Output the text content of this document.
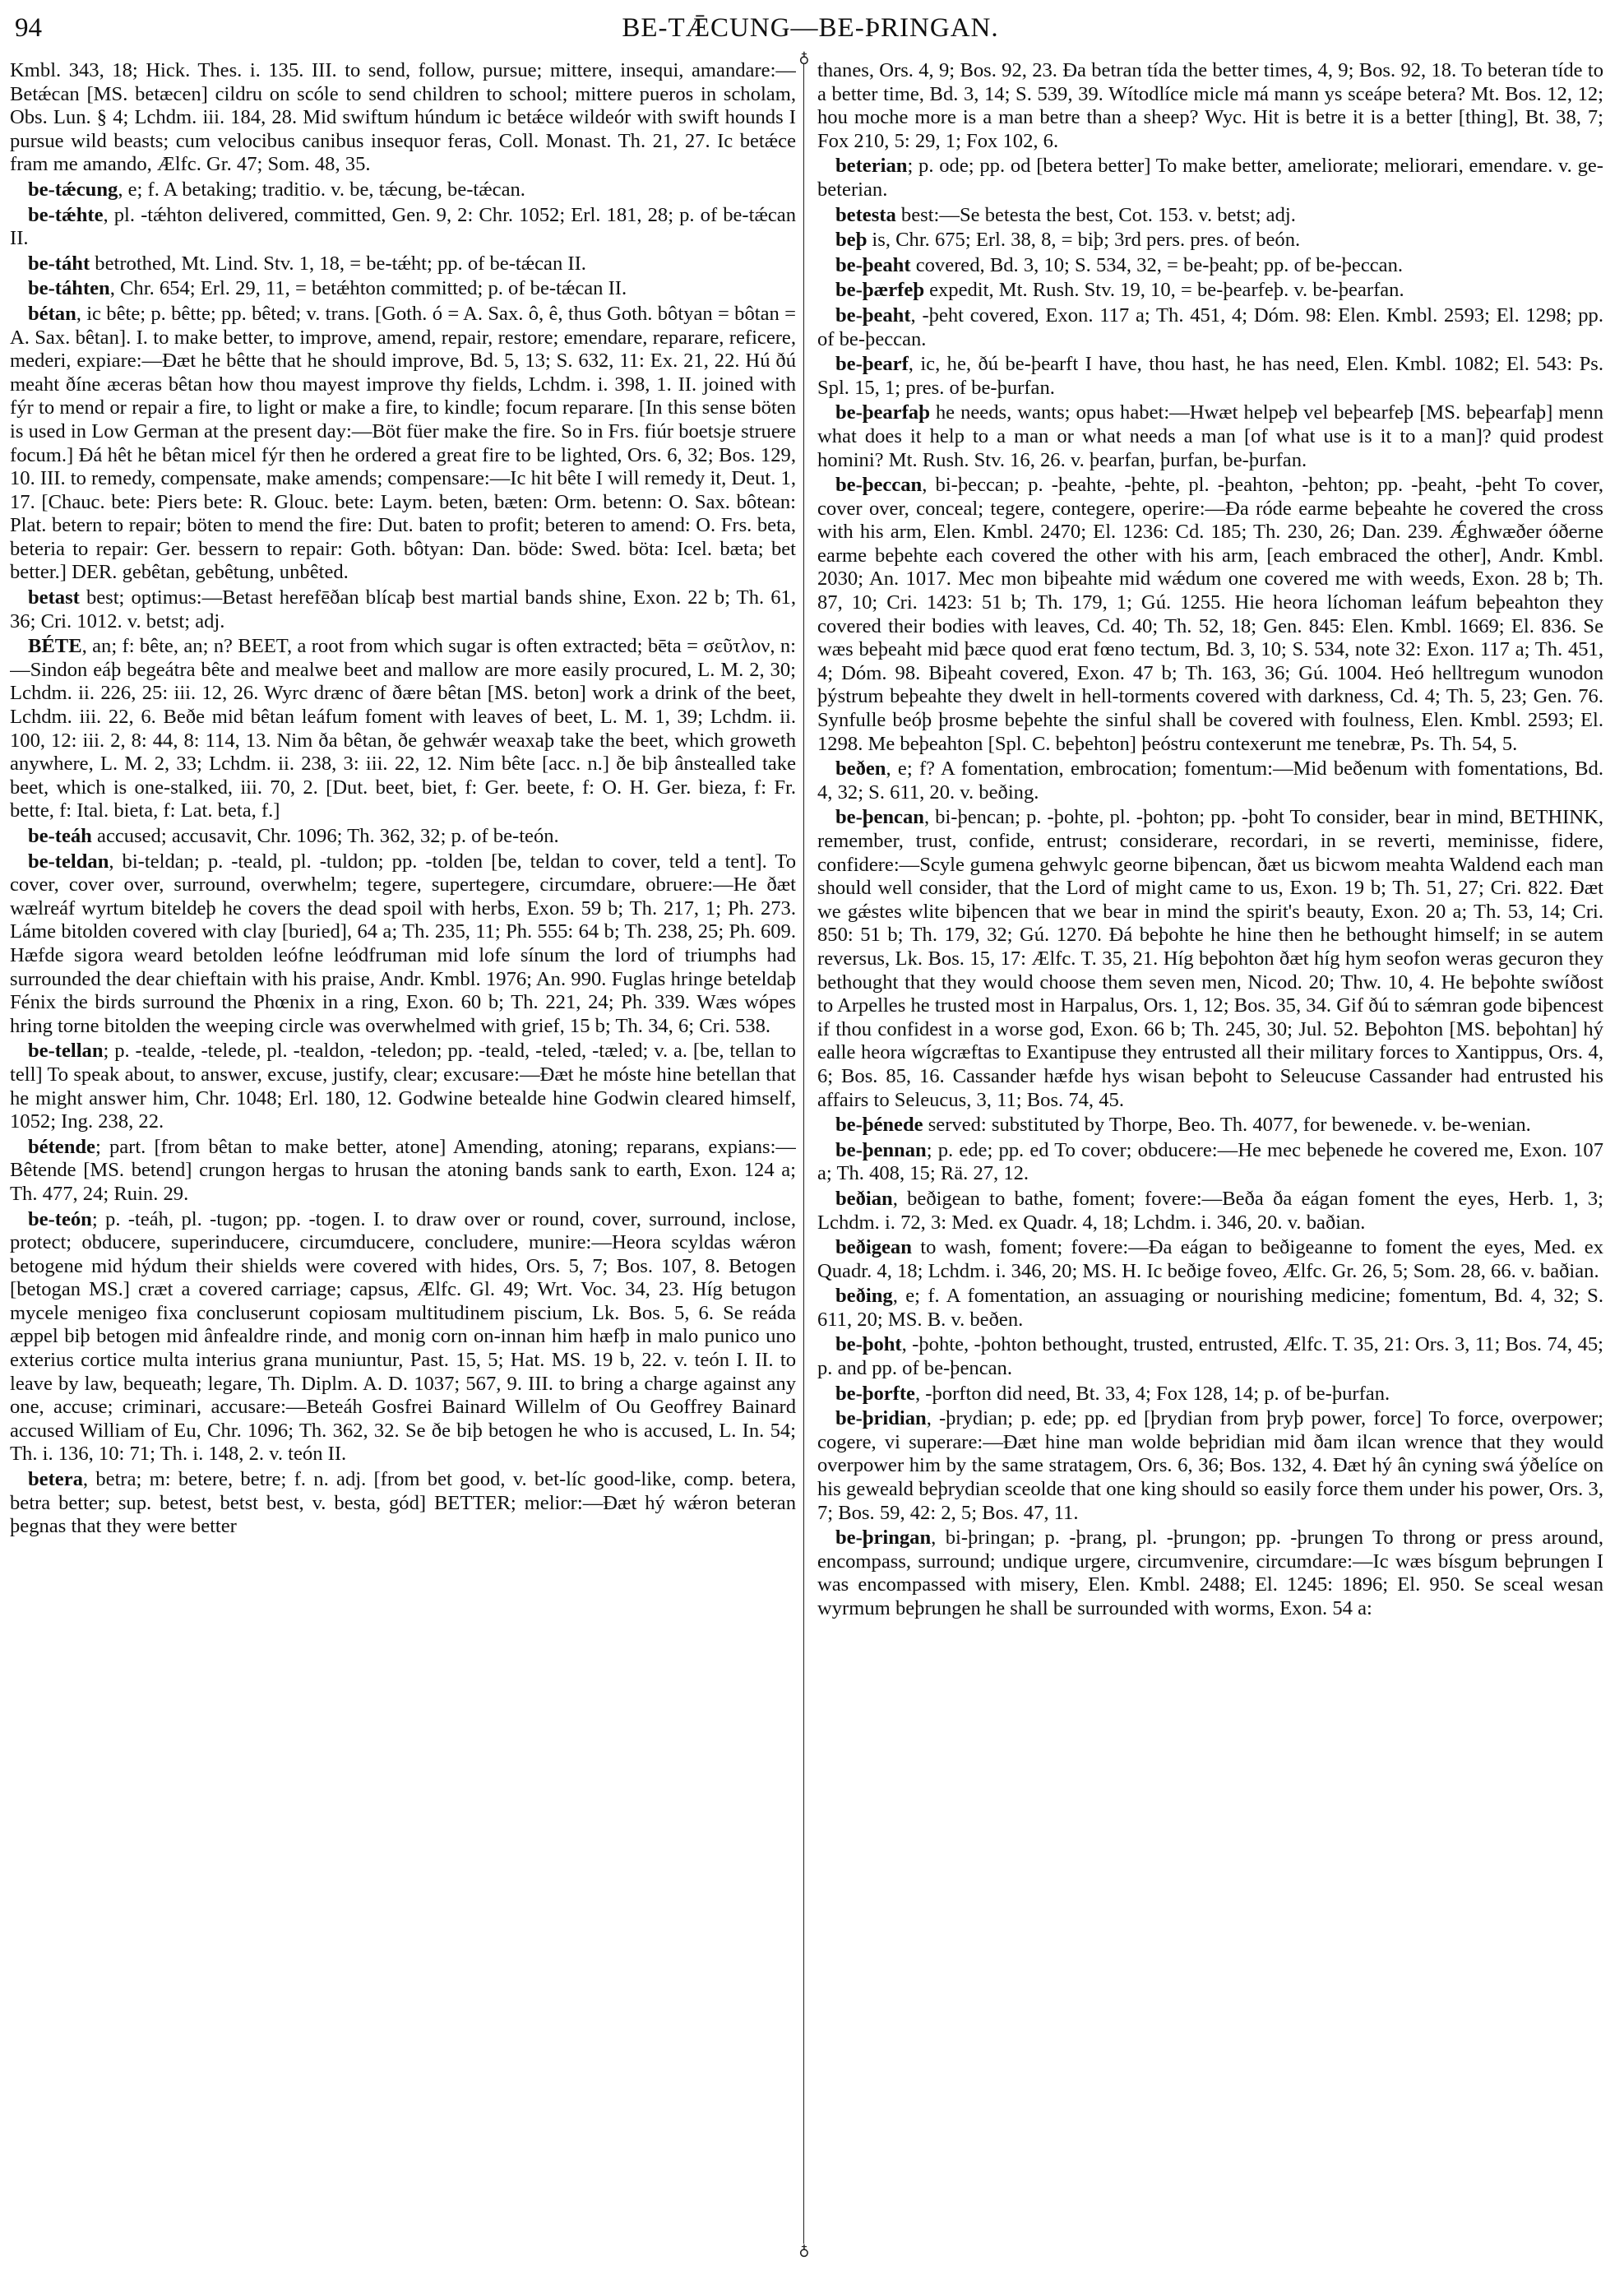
94	BE-TǢCUNG—BE-ÞRINGAN.

Kmbl. 343, 18; Hick. Thes. i. 135. III. to send, follow, pursue; mittere, insequi, amandare:—Betǽcan [MS. betæcen] cildru on scóle to send children to school; mittere pueros in scholam, Obs. Lun. § 4; Lchdm. iii. 184, 28. Mid swiftum húndum ic betǽce wildeór with swift hounds I pursue wild beasts; cum velocibus canibus insequor feras, Coll. Monast. Th. 21, 27. Ic betǽce fram me amando, Ælfc. Gr. 47; Som. 48, 35.

be-tǽcung, e; f. A betaking; traditio. v. be, tǽcung, be-tǽcan.

be-tǽhte, pl. -tǽhton delivered, committed, Gen. 9, 2: Chr. 1052; Erl. 181, 28; p. of be-tǽcan II.

be-táht betrothed, Mt. Lind. Stv. 1, 18, = be-tǽht; pp. of be-tǽcan II.

be-táhten, Chr. 654; Erl. 29, 11, = betǽhton committed; p. of be-tǽcan II.

bétan, ic bête; p. bêtte; pp. bêted; v. trans. [Goth. ó = A. Sax. ô, ê, thus Goth. bôtyan = bôtan = A. Sax. bêtan]. I. to make better, to improve, amend, repair, restore; emendare, reparare, reficere, mederi, expiare:—Ðæt he bêtte that he should improve, Bd. 5, 13; S. 632, 11: Ex. 21, 22. Hú ðú meaht ðíne æceras bêtan how thou mayest improve thy fields, Lchdm. i. 398, 1. II. joined with fýr to mend or repair a fire, to light or make a fire, to kindle; focum reparare. [In this sense böten is used in Low German at the present day:—Böt füer make the fire. So in Frs. fiúr boetsje struere focum.] Ðá hêt he bêtan micel fýr then he ordered a great fire to be lighted, Ors. 6, 32; Bos. 129, 10. III. to remedy, compensate, make amends; compensare:—Ic hit bête I will remedy it, Deut. 1, 17. [Chauc. bete: Piers bete: R. Glouc. bete: Laym. beten, bæten: Orm. betenn: O. Sax. bôtean: Plat. betern to repair; böten to mend the fire: Dut. baten to profit; beteren to amend: O. Frs. beta, beteria to repair: Ger. bessern to repair: Goth. bôtyan: Dan. böde: Swed. böta: Icel. bæta; bet better.] DER. gebêtan, gebêtung, unbêted.

betast best; optimus:—Betast herefēðan blícaþ best martial bands shine, Exon. 22 b; Th. 61, 36; Cri. 1012. v. betst; adj.

BÉTE, an; f: bête, an; n? BEET, a root from which sugar is often extracted; bēta = σεῦτλον, n:—Sindon eáþ begeátra bête and mealwe beet and mallow are more easily procured, L. M. 2, 30; Lchdm. ii. 226, 25: iii. 12, 26. Wyrc drænc of ðære bêtan [MS. beton] work a drink of the beet, Lchdm. iii. 22, 6. Beðe mid bêtan leáfum foment with leaves of beet, L. M. 1, 39; Lchdm. ii. 100, 12: iii. 2, 8: 44, 8: 114, 13. Nim ða bêtan, ðe gehwǽr weaxaþ take the beet, which groweth anywhere, L. M. 2, 33; Lchdm. ii. 238, 3: iii. 22, 12. Nim bête [acc. n.] ðe biþ ânstealled take beet, which is one-stalked, iii. 70, 2. [Dut. beet, biet, f: Ger. beete, f: O. H. Ger. bieza, f: Fr. bette, f: Ital. bieta, f: Lat. beta, f.]

be-teáh accused; accusavit, Chr. 1096; Th. 362, 32; p. of be-teón.

be-teldan, bi-teldan; p. -teald, pl. -tuldon; pp. -tolden [be, teldan to cover, teld a tent]. To cover, cover over, surround, overwhelm; tegere, supertegere, circumdare, obruere:—He ðæt wælreáf wyrtum biteldeþ he covers the dead spoil with herbs, Exon. 59 b; Th. 217, 1; Ph. 273. Láme bitolden covered with clay [buried], 64 a; Th. 235, 11; Ph. 555: 64 b; Th. 238, 25; Ph. 609. Hæfde sigora weard betolden leófne leódfruman mid lofe sínum the lord of triumphs had surrounded the dear chieftain with his praise, Andr. Kmbl. 1976; An. 990. Fuglas hringe beteldaþ Fénix the birds surround the Phœnix in a ring, Exon. 60 b; Th. 221, 24; Ph. 339. Wæs wópes hring torne bitolden the weeping circle was overwhelmed with grief, 15 b; Th. 34, 6; Cri. 538.

be-tellan; p. -tealde, -telede, pl. -tealdon, -teledon; pp. -teald, -teled, -tæled; v. a. [be, tellan to tell] To speak about, to answer, excuse, justify, clear; excusare:—Ðæt he móste hine betellan that he might answer him, Chr. 1048; Erl. 180, 12. Godwine betealde hine Godwin cleared himself, 1052; Ing. 238, 22.

bétende; part. [from bêtan to make better, atone] Amending, atoning; reparans, expians:—Bêtende [MS. betend] crungon hergas to hrusan the atoning bands sank to earth, Exon. 124 a; Th. 477, 24; Ruin. 29.

be-teón; p. -teáh, pl. -tugon; pp. -togen. I. to draw over or round, cover, surround, inclose, protect; obducere, superinducere, circumducere, concludere, munire:—Heora scyldas wǽron betogene mid hýdum their shields were covered with hides, Ors. 5, 7; Bos. 107, 8. Betogen [betogan MS.] cræt a covered carriage; capsus, Ælfc. Gl. 49; Wrt. Voc. 34, 23. Híg betugon mycele menigeo fixa concluserunt copiosam multitudinem piscium, Lk. Bos. 5, 6. Se reáda æppel biþ betogen mid ânfealdre rinde, and monig corn on-innan him hæfþ in malo punico uno exterius cortice multa interius grana muniuntur, Past. 15, 5; Hat. MS. 19 b, 22. v. teón I. II. to leave by law, bequeath; legare, Th. Diplm. A. D. 1037; 567, 9. III. to bring a charge against any one, accuse; criminari, accusare:—Beteáh Gosfrei Bainard Willelm of Ou Geoffrey Bainard accused William of Eu, Chr. 1096; Th. 362, 32. Se ðe biþ betogen he who is accused, L. In. 54; Th. i. 136, 10: 71; Th. i. 148, 2. v. teón II.

betera, betra; m: betere, betre; f. n. adj. [from bet good, v. bet-líc good-like, comp. betera, betra better; sup. betest, betst best, v. besta, gód] BETTER; melior:—Ðæt hý wǽron beteran þegnas that they were better

♁
♁

thanes, Ors. 4, 9; Bos. 92, 23. Ða betran tída the better times, 4, 9; Bos. 92, 18. To beteran tíde to a better time, Bd. 3, 14; S. 539, 39. Wítodlíce micle má mann ys sceápe betera? Mt. Bos. 12, 12; hou moche more is a man betre than a sheep? Wyc. Hit is betre it is a better [thing], Bt. 38, 7; Fox 210, 5: 29, 1; Fox 102, 6.

beterian; p. ode; pp. od [betera better] To make better, ameliorate; meliorari, emendare. v. ge-beterian.

betesta best:—Se betesta the best, Cot. 153. v. betst; adj.

beþ is, Chr. 675; Erl. 38, 8, = biþ; 3rd pers. pres. of beón.

be-þeaht covered, Bd. 3, 10; S. 534, 32, = be-þeaht; pp. of be-þeccan.

be-þærfeþ expedit, Mt. Rush. Stv. 19, 10, = be-þearfeþ. v. be-þearfan.

be-þeaht, -þeht covered, Exon. 117 a; Th. 451, 4; Dóm. 98: Elen. Kmbl. 2593; El. 1298; pp. of be-þeccan.

be-þearf, ic, he, ðú be-þearft I have, thou hast, he has need, Elen. Kmbl. 1082; El. 543: Ps. Spl. 15, 1; pres. of be-þurfan.

be-þearfaþ he needs, wants; opus habet:—Hwæt helpeþ vel beþearfeþ [MS. beþearfaþ] menn what does it help to a man or what needs a man [of what use is it to a man]? quid prodest homini? Mt. Rush. Stv. 16, 26. v. þearfan, þurfan, be-þurfan.

be-þeccan, bi-þeccan; p. -þeahte, -þehte, pl. -þeahton, -þehton; pp. -þeaht, -þeht To cover, cover over, conceal; tegere, contegere, operire:—Ða róde earme beþeahte he covered the cross with his arm, Elen. Kmbl. 2470; El. 1236: Cd. 185; Th. 230, 26; Dan. 239. Ǽghwæðer óðerne earme beþehte each covered the other with his arm, [each embraced the other], Andr. Kmbl. 2030; An. 1017. Mec mon biþeahte mid wǽdum one covered me with weeds, Exon. 28 b; Th. 87, 10; Cri. 1423: 51 b; Th. 179, 1; Gú. 1255. Hie heora líchoman leáfum beþeahton they covered their bodies with leaves, Cd. 40; Th. 52, 18; Gen. 845: Elen. Kmbl. 1669; El. 836. Se wæs beþeaht mid þæce quod erat fœno tectum, Bd. 3, 10; S. 534, note 32: Exon. 117 a; Th. 451, 4; Dóm. 98. Biþeaht covered, Exon. 47 b; Th. 163, 36; Gú. 1004. Heó helltregum wunodon þýstrum beþeahte they dwelt in hell-torments covered with darkness, Cd. 4; Th. 5, 23; Gen. 76. Synfulle beóþ þrosme beþehte the sinful shall be covered with foulness, Elen. Kmbl. 2593; El. 1298. Me beþeahton [Spl. C. beþehton] þeóstru contexerunt me tenebræ, Ps. Th. 54, 5.

beðen, e; f? A fomentation, embrocation; fomentum:—Mid beðenum with fomentations, Bd. 4, 32; S. 611, 20. v. beðing.

be-þencan, bi-þencan; p. -þohte, pl. -þohton; pp. -þoht To consider, bear in mind, BETHINK, remember, trust, confide, entrust; considerare, recordari, in se reverti, meminisse, fidere, confidere:—Scyle gumena gehwylc georne biþencan, ðæt us bicwom meahta Waldend each man should well consider, that the Lord of might came to us, Exon. 19 b; Th. 51, 27; Cri. 822. Ðæt we gǽstes wlite biþencen that we bear in mind the spirit's beauty, Exon. 20 a; Th. 53, 14; Cri. 850: 51 b; Th. 179, 32; Gú. 1270. Ðá beþohte he hine then he bethought himself; in se autem reversus, Lk. Bos. 15, 17: Ælfc. T. 35, 21. Híg beþohton ðæt híg hym seofon weras gecuron they bethought that they would choose them seven men, Nicod. 20; Thw. 10, 4. He beþohte swíðost to Arpelles he trusted most in Harpalus, Ors. 1, 12; Bos. 35, 34. Gif ðú to sǽmran gode biþencest if thou confidest in a worse god, Exon. 66 b; Th. 245, 30; Jul. 52. Beþohton [MS. beþohtan] hý ealle heora wígcræftas to Exantipuse they entrusted all their military forces to Xantippus, Ors. 4, 6; Bos. 85, 16. Cassander hæfde hys wisan beþoht to Seleucuse Cassander had entrusted his affairs to Seleucus, 3, 11; Bos. 74, 45.

be-þénede served: substituted by Thorpe, Beo. Th. 4077, for bewenede. v. be-wenian.

be-þennan; p. ede; pp. ed To cover; obducere:—He mec beþenede he covered me, Exon. 107 a; Th. 408, 15; Rä. 27, 12.

beðian, beðigean to bathe, foment; fovere:—Beða ða eágan foment the eyes, Herb. 1, 3; Lchdm. i. 72, 3: Med. ex Quadr. 4, 18; Lchdm. i. 346, 20. v. baðian.

beðigean to wash, foment; fovere:—Ða eágan to beðigeanne to foment the eyes, Med. ex Quadr. 4, 18; Lchdm. i. 346, 20; MS. H. Ic beðige foveo, Ælfc. Gr. 26, 5; Som. 28, 66. v. baðian.

beðing, e; f. A fomentation, an assuaging or nourishing medicine; fomentum, Bd. 4, 32; S. 611, 20; MS. B. v. beðen.

be-þoht, -þohte, -þohton bethought, trusted, entrusted, Ælfc. T. 35, 21: Ors. 3, 11; Bos. 74, 45; p. and pp. of be-þencan.

be-þorfte, -þorfton did need, Bt. 33, 4; Fox 128, 14; p. of be-þurfan.

be-þridian, -þrydian; p. ede; pp. ed [þrydian from þryþ power, force] To force, overpower; cogere, vi superare:—Ðæt hine man wolde beþridian mid ðam ilcan wrence that they would overpower him by the same stratagem, Ors. 6, 36; Bos. 132, 4. Ðæt hý ân cyning swá ýðelíce on his geweald beþrydian sceolde that one king should so easily force them under his power, Ors. 3, 7; Bos. 59, 42: 2, 5; Bos. 47, 11.

be-þringan, bi-þringan; p. -þrang, pl. -þrungon; pp. -þrungen To throng or press around, encompass, surround; undique urgere, circumvenire, circumdare:—Ic wæs bísgum beþrungen I was encompassed with misery, Elen. Kmbl. 2488; El. 1245: 1896; El. 950. Se sceal wesan wyrmum beþrungen he shall be surrounded with worms, Exon. 54 a:
